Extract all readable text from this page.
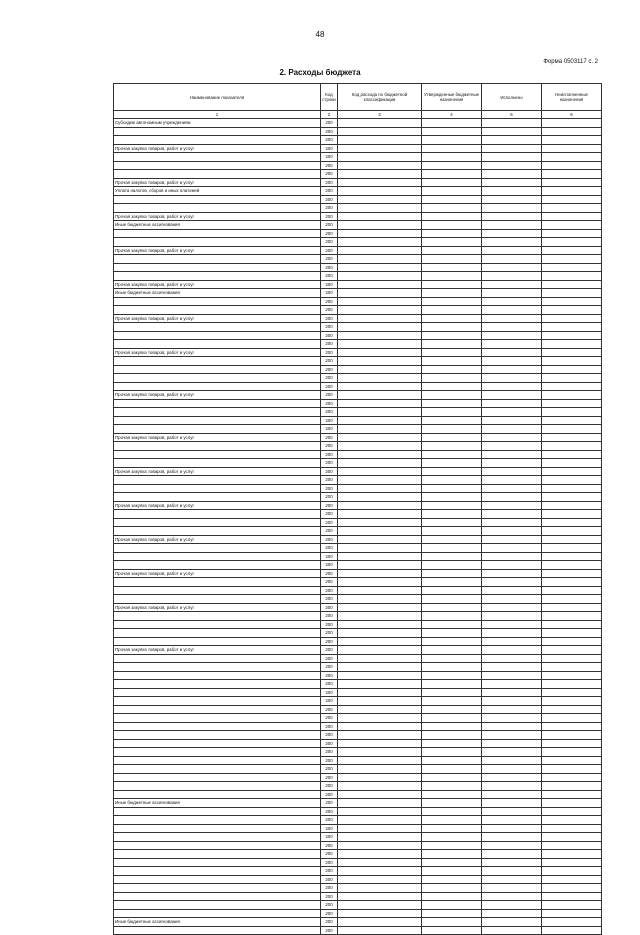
48
Форма 0503117 с. 2
2. Расходы бюджета
Наименование показателя	Код строки	Код расхода по бюджетной классификации	Утвержденные бюджетные назначения	Исполнено	Неисполненные назначения
1	2	3	4	5	6
Субсидии автономным учреждениям	200				
	200				
	200				
Прочая закупка товаров, работ и услуг	200				
	200				
	200				
	200				
Прочая закупка товаров, работ и услуг	200				
Уплата налогов, сборов и иных платежей	200				
	200				
	200				
Прочая закупка товаров, работ и услуг	200				
Иные бюджетные ассигнования	200				
	200				
	200				
Прочая закупка товаров, работ и услуг	200				
	200				
	200				
	200				
Прочая закупка товаров, работ и услуг	200				
Иные бюджетные ассигнования	200				
	200				
	200				
Прочая закупка товаров, работ и услуг	200				
	200				
	200				
	200				
Прочая закупка товаров, работ и услуг	200				
	200				
	200				
	200				
	200				
Прочая закупка товаров, работ и услуг	200				
	200				
	200				
	200				
	200				
Прочая закупка товаров, работ и услуг	200				
	200				
	200				
	200				
Прочая закупка товаров, работ и услуг	200				
	200				
	200				
	200				
Прочая закупка товаров, работ и услуг	200				
	200				
	200				
	200				
Прочая закупка товаров, работ и услуг	200				
	200				
	200				
	200				
Прочая закупка товаров, работ и услуг	200				
	200				
	200				
	200				
Прочая закупка товаров, работ и услуг	200				
	200				
	200				
	200				
	200				
Прочая закупка товаров, работ и услуг	200				
	200				
	200				
	200				
	200				
	200				
	200				
	200				
	200				
	200				
	200				
	200				
	200				
	200				
	200				
	200				
	200				
	200				
Иные бюджетные ассигнования	200				
	200				
	200				
	200				
	200				
	200				
	200				
	200				
	200				
	200				
	200				
	200				
	200				
	200				
Иные бюджетные ассигнования	200				
	200				
